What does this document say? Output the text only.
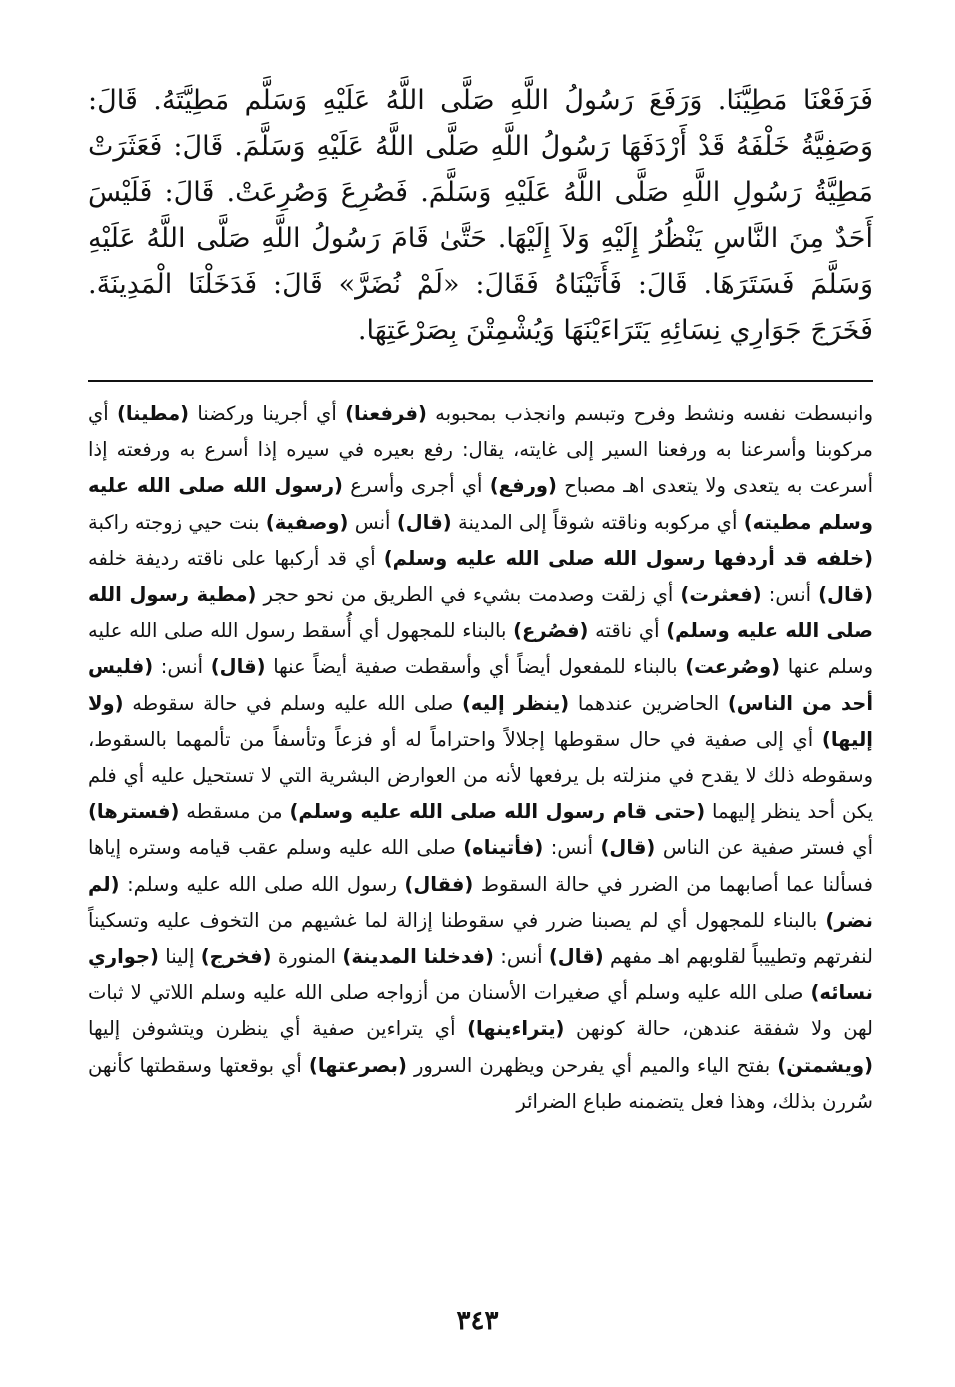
فَرَفَعْنَا مَطِيَّنَا. وَرَفَعَ رَسُولُ اللَّهِ صَلَّى اللَّهُ عَلَيْهِ وَسَلَّم مَطِيَّتَهُ. قَالَ: وَصَفِيَّةُ خَلْفَهُ قَدْ أَرْدَفَهَا رَسُولُ اللَّهِ صَلَّى اللَّهُ عَلَيْهِ وَسَلَّمَ. قَالَ: فَعَثَرَتْ مَطِيَّةُ رَسُولِ اللَّهِ صَلَّى اللَّهُ عَلَيْهِ وَسَلَّمَ. فَصُرِعَ وَصُرِعَتْ. قَالَ: فَلَيْسَ أَحَدٌ مِنَ النَّاسِ يَنْظُرُ إِلَيْهِ وَلاَ إِلَيْهَا. حَتَّىٰ قَامَ رَسُولُ اللَّهِ صَلَّى اللَّهُ عَلَيْهِ وَسَلَّمَ فَسَتَرَهَا. قَالَ: فَأَتَيْنَاهُ فَقَالَ: «لَمْ نُضَرَّ» قَالَ: فَدَخَلْنَا الْمَدِينَةَ. فَخَرَجَ جَوَارِي نِسَائِهِ يَتَرَاءَيْنَهَا وَيُشْمِتْنَ بِصَرْعَتِهَا.

وانبسطت نفسه ونشط وفرح وتبسم وانجذب بمحبوبه (فرفعنا) أي أجرينا وركضنا (مطينا) أي مركوبنا وأسرعنا به ورفعنا السير إلى غايته، يقال: رفع بعيره في سيره إذا أسرع به ورفعته إذا أسرعت به يتعدى ولا يتعدى اهـ مصباح (ورفع) أي أجرى وأسرع (رسول الله صلى الله عليه وسلم مطيته) أي مركوبه وناقته شوقاً إلى المدينة (قال) أنس (وصفية) بنت حيي زوجته راكبة (خلفه قد أردفها رسول الله صلى الله عليه وسلم) أي قد أركبها على ناقته رديفة خلفه (قال) أنس: (فعثرت) أي زلقت وصدمت بشيء في الطريق من نحو حجر (مطية رسول الله صلى الله عليه وسلم) أي ناقته (فصُرع) بالبناء للمجهول أي أُسقط رسول الله صلى الله عليه وسلم عنها (وصُرعت) بالبناء للمفعول أيضاً أي وأسقطت صفية أيضاً عنها (قال) أنس: (فليس أحد من الناس) الحاضرين عندهما (ينظر إليه) صلى الله عليه وسلم في حالة سقوطه (ولا إليها) أي إلى صفية في حال سقوطها إجلالاً واحتراماً له أو فزعاً وتأسفاً من تألمهما بالسقوط، وسقوطه ذلك لا يقدح في منزلته بل يرفعها لأنه من العوارض البشرية التي لا تستحيل عليه أي فلم يكن أحد ينظر إليهما (حتى قام رسول الله صلى الله عليه وسلم) من مسقطه (فسترها) أي فستر صفية عن الناس (قال) أنس: (فأتيناه) صلى الله عليه وسلم عقب قيامه وستره إياها فسألنا عما أصابهما من الضرر في حالة السقوط (فقال) رسول الله صلى الله عليه وسلم: (لم نضر) بالبناء للمجهول أي لم يصبنا ضرر في سقوطنا إزالة لما غشيهم من التخوف عليه وتسكيناً لنفرتهم وتطييباً لقلوبهم اهـ مفهم (قال) أنس: (فدخلنا المدينة) المنورة (فخرج) إلينا (جواري نسائه) صلى الله عليه وسلم أي صغيرات الأسنان من أزواجه صلى الله عليه وسلم اللاتي لا ثبات لهن ولا شفقة عندهن، حالة كونهن (يتراءينها) أي يتراءين صفية أي ينظرن ويتشوفن إليها (ويشمتن) بفتح الياء والميم أي يفرحن ويظهرن السرور (بصرعتها) أي بوقعتها وسقطتها كأنهن سُررن بذلك، وهذا فعل يتضمنه طباع الضرائر

٣٤٣
